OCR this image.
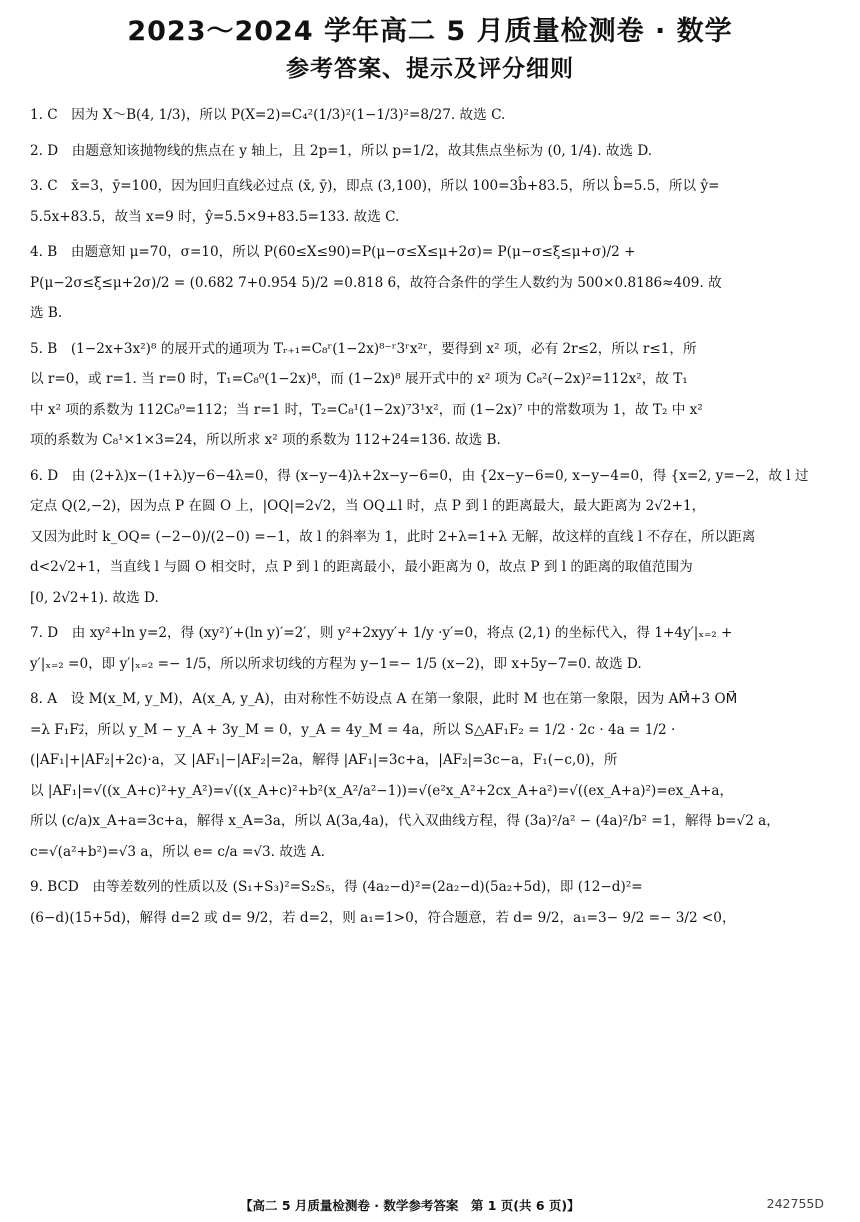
2023～2024 学年高二 5 月质量检测卷 · 数学
参考答案、提示及评分细则
1. C　因为 X～B(4, 1/3)，所以 P(X=2)=C₄²(1/3)²(1−1/3)²=8/27. 故选 C.
2. D　由题意知该抛物线的焦点在 y 轴上，且 2p=1，所以 p=1/2，故其焦点坐标为 (0, 1/4). 故选 D.
3. C　x̄=3，ȳ=100，因为回归直线必过点 (x̄, ȳ)，即点 (3,100)，所以 100=3b̂+83.5，所以 b̂=5.5，所以 ŷ=
5.5x+83.5，故当 x=9 时，ŷ=5.5×9+83.5=133. 故选 C.
4. B　由题意知 μ=70，σ=10，所以 P(60≤X≤90)=P(μ−σ≤X≤μ+2σ)= P(μ−σ≤ξ≤μ+σ)/2 +
P(μ−2σ≤ξ≤μ+2σ)/2 = (0.682 7+0.954 5)/2 =0.818 6，故符合条件的学生人数约为 500×0.8186≈409. 故
选 B.
5. B　(1−2x+3x²)⁸ 的展开式的通项为 Tᵣ₊₁=C₈ʳ(1−2x)⁸⁻ʳ3ʳx²ʳ，要得到 x² 项，必有 2r≤2，所以 r≤1，所
以 r=0，或 r=1. 当 r=0 时，T₁=C₈⁰(1−2x)⁸，而 (1−2x)⁸ 展开式中的 x² 项为 C₈²(−2x)²=112x²，故 T₁
中 x² 项的系数为 112C₈⁰=112；当 r=1 时，T₂=C₈¹(1−2x)⁷3¹x²，而 (1−2x)⁷ 中的常数项为 1，故 T₂ 中 x²
项的系数为 C₈¹×1×3=24，所以所求 x² 项的系数为 112+24=136. 故选 B.
6. D　由 (2+λ)x−(1+λ)y−6−4λ=0，得 (x−y−4)λ+2x−y−6=0，由 {2x−y−6=0, x−y−4=0，得 {x=2, y=−2，故 l 过
定点 Q(2,−2)，因为点 P 在圆 O 上，|OQ|=2√2，当 OQ⊥l 时，点 P 到 l 的距离最大，最大距离为 2√2+1，
又因为此时 k_OQ= (−2−0)/(2−0) =−1，故 l 的斜率为 1，此时 2+λ=1+λ 无解，故这样的直线 l 不存在，所以距离
d<2√2+1，当直线 l 与圆 O 相交时，点 P 到 l 的距离最小，最小距离为 0，故点 P 到 l 的距离的取值范围为
[0, 2√2+1). 故选 D.
7. D　由 xy²+ln y=2，得 (xy²)′+(ln y)′=2′，则 y²+2xyy′+ 1/y ·y′=0，将点 (2,1) 的坐标代入，得 1+4y′|ₓ₌₂ +
y′|ₓ₌₂ =0，即 y′|ₓ₌₂ =− 1/5，所以所求切线的方程为 y−1=− 1/5 (x−2)，即 x+5y−7=0. 故选 D.
8. A　设 M(x_M, y_M)，A(x_A, y_A)，由对称性不妨设点 A 在第一象限，此时 M 也在第一象限，因为 AM⃗+3 OM⃗
=λ F₁F₂⃗，所以 y_M − y_A + 3y_M = 0，y_A = 4y_M = 4a，所以 S△AF₁F₂ = 1/2 · 2c · 4a = 1/2 ·
(|AF₁|+|AF₂|+2c)·a，又 |AF₁|−|AF₂|=2a，解得 |AF₁|=3c+a，|AF₂|=3c−a，F₁(−c,0)，所
以 |AF₁|=√((x_A+c)²+y_A²)=√((x_A+c)²+b²(x_A²/a²−1))=√(e²x_A²+2cx_A+a²)=√((ex_A+a)²)=ex_A+a，
所以 (c/a)x_A+a=3c+a，解得 x_A=3a，所以 A(3a,4a)，代入双曲线方程，得 (3a)²/a² − (4a)²/b² =1，解得 b=√2 a，
c=√(a²+b²)=√3 a，所以 e= c/a =√3. 故选 A.
9. BCD　由等差数列的性质以及 (S₁+S₃)²=S₂S₅，得 (4a₂−d)²=(2a₂−d)(5a₂+5d)，即 (12−d)²=
(6−d)(15+5d)，解得 d=2 或 d= 9/2，若 d=2，则 a₁=1>0，符合题意，若 d= 9/2，a₁=3− 9/2 =− 3/2 <0，
【高二 5 月质量检测卷 · 数学参考答案　第 1 页(共 6 页)】	242755D
